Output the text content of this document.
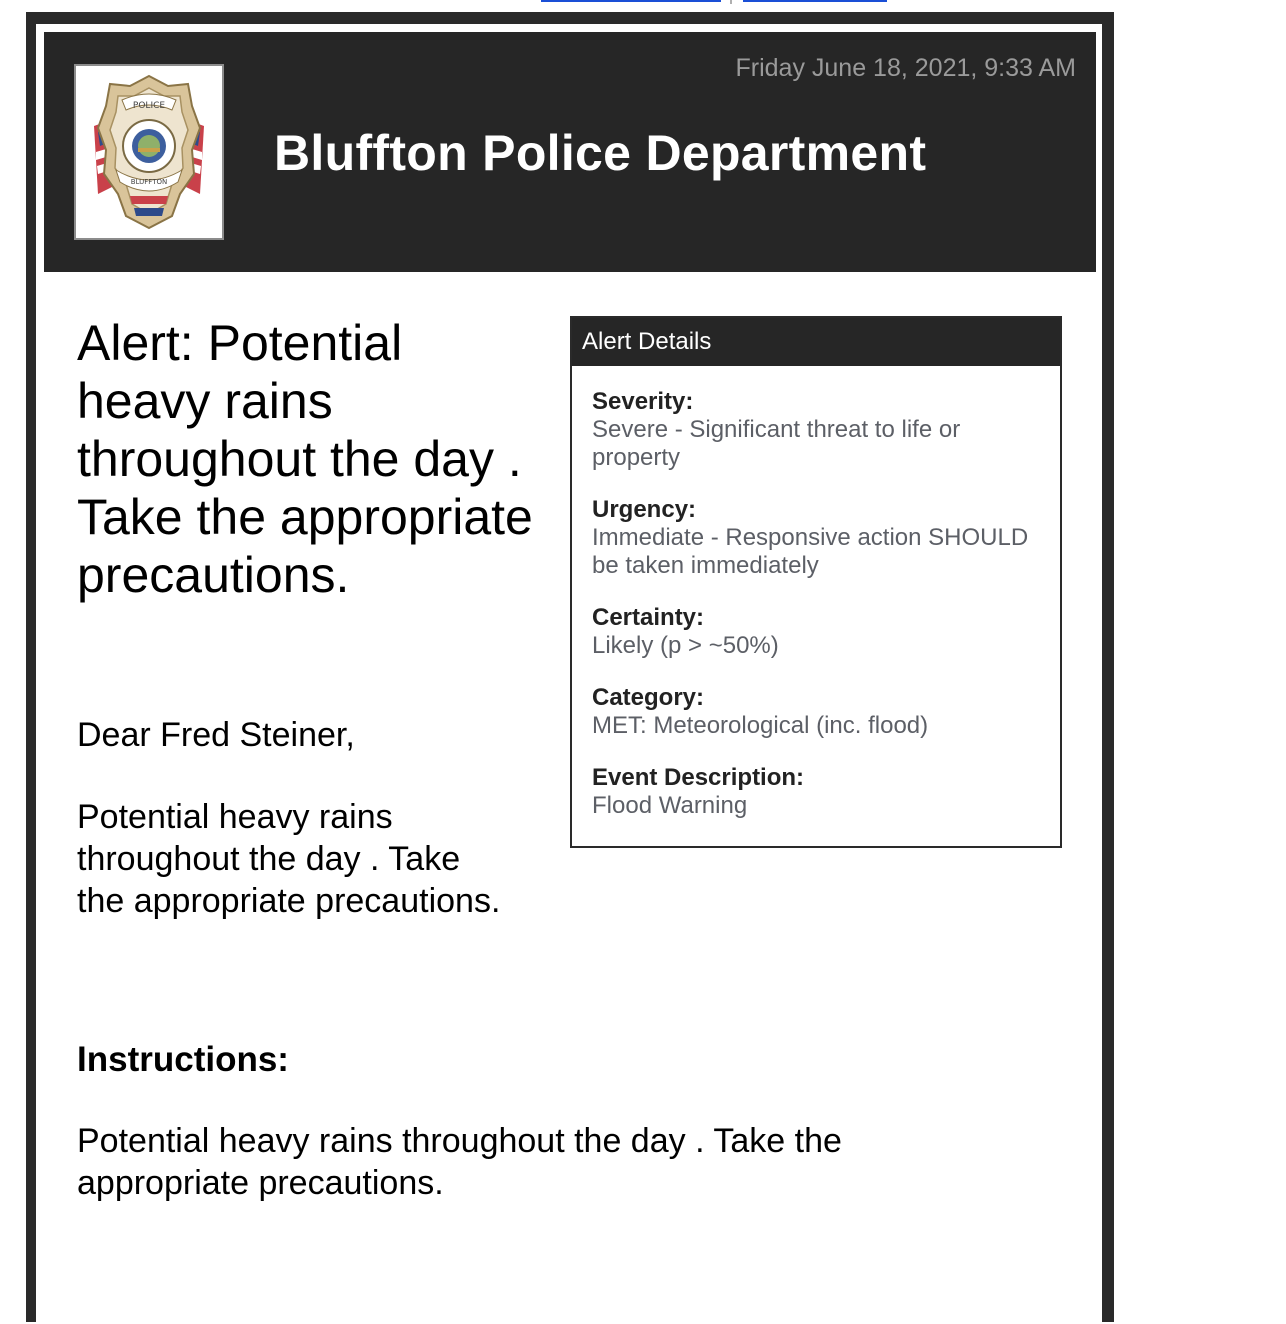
POLICE
BLUFFTON
Friday June 18, 2021, 9:33 AM
Bluffton Police Department
Alert: Potential heavy rains throughout the day . Take the appropriate precautions.
Dear Fred Steiner,
Potential heavy rains throughout the day . Take the appropriate precautions.
Instructions:
Potential heavy rains throughout the day . Take the appropriate precautions.
Alert Details
Severity:
Severe - Significant threat to life or property
Urgency:
Immediate - Responsive action SHOULD be taken immediately
Certainty:
Likely (p > ~50%)
Category:
MET: Meteorological (inc. flood)
Event Description:
Flood Warning
